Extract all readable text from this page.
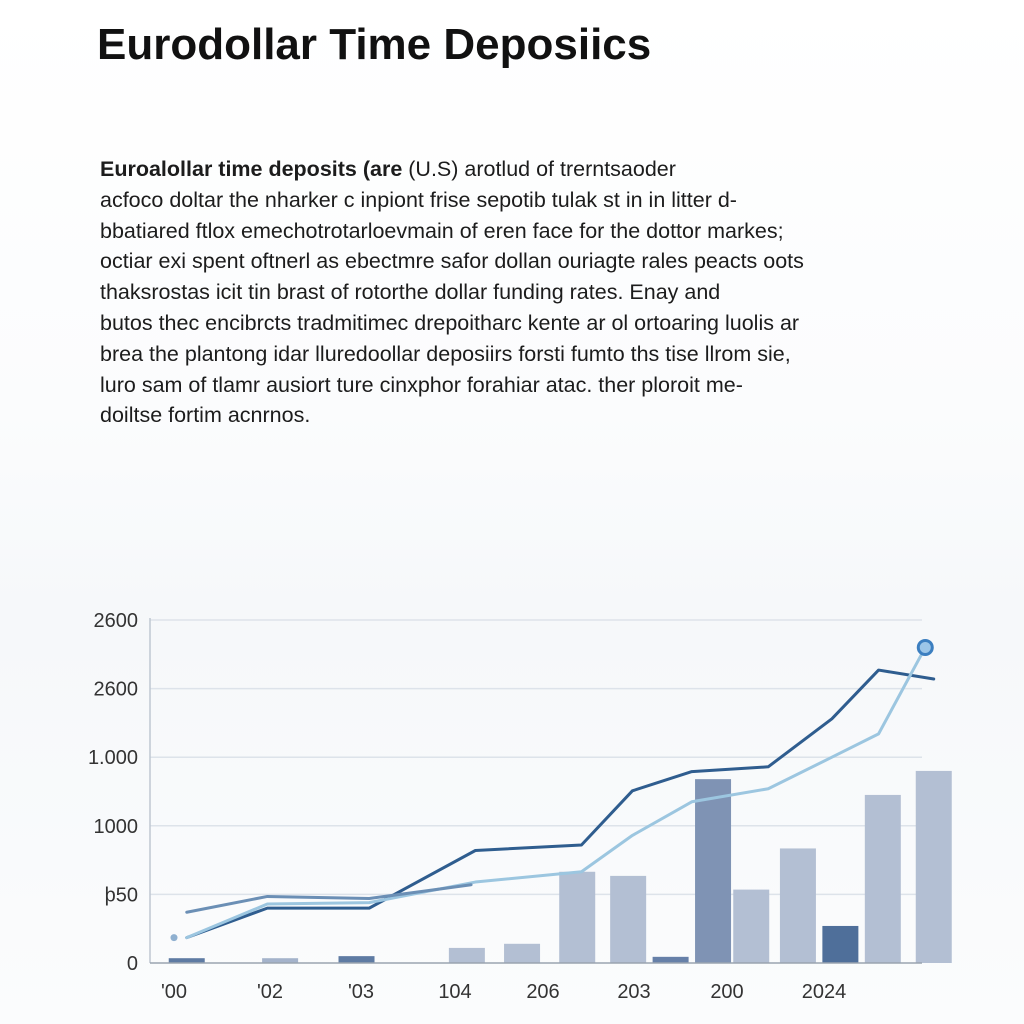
Eurodollar Time Deposiics

Euroalollar time depoѕits (are (U.S) arotlud of trerntsaoder
acfoco doltar the nharker c inpiont frise sepotib tulak st in in litter d-
bbatiared ftlox emechotrotarloevmain of eren face for the dottor markes;
octiar exi spent oftnerl as ebectmre safor dollan ouriagte rales peacts oots
thaksrostas icit tin brast of rotorthe dollar funding rates. Enay and
butos thec encibrcts tradmitimec drepoitharc kente ar ol ortoaring luolis ar
brea the plantong idar lluredoollar deposiirs forsti fumto ths tise llrom sie,
luro sam of tlamr ausiort ture cinxphor forahiar atac. ther ploroit me-
doiltse fortim acnrnos.

0
þ50
1000
1.000
2600
2600
'00	'02	'03	104	206	203	200	2024
